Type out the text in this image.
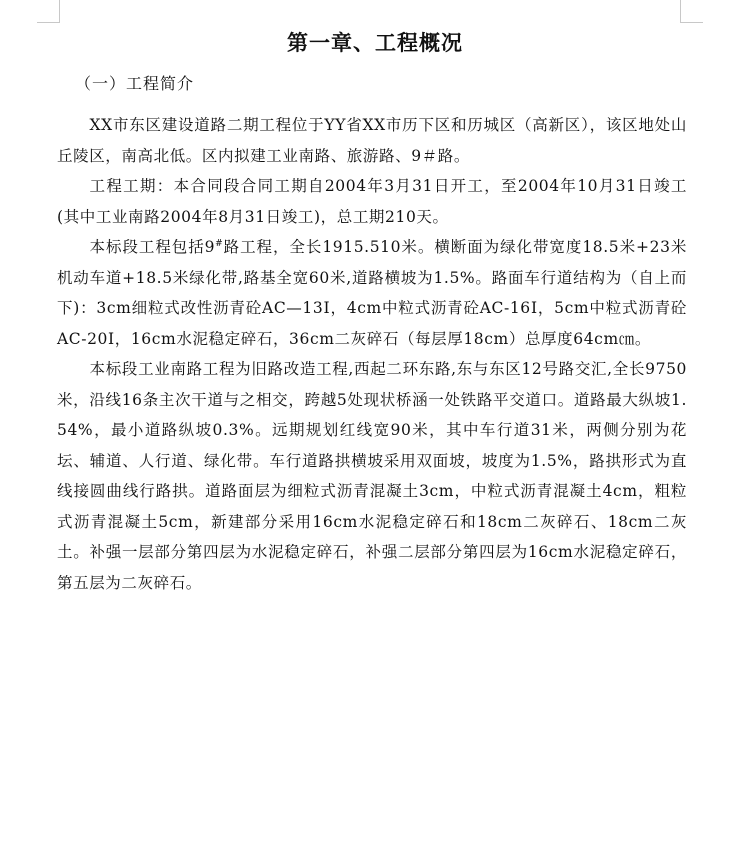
第一章、工程概况
（一）工程简介

XX市东区建设道路二期工程位于YY省XX市历下区和历城区（高新区），该区地处山丘陵区，南高北低。区内拟建工业南路、旅游路、9＃路。

工程工期：本合同段合同工期自2004年3月31日开工，至2004年10月31日竣工(其中工业南路2004年8月31日竣工)，总工期210天。

本标段工程包括9#路工程，全长1915.510米。横断面为绿化带宽度18.5米+23米机动车道+18.5米绿化带,路基全宽60米,道路横坡为1.5%。路面车行道结构为（自上而下)：3cm细粒式改性沥青砼AC—13Ⅰ，4cm中粒式沥青砼AC-16Ⅰ，5cm中粒式沥青砼AC-20Ⅰ，16cm水泥稳定碎石，36cm二灰碎石（每层厚18cm）总厚度64cm㎝。

本标段工业南路工程为旧路改造工程,西起二环东路,东与东区12号路交汇,全长9750米，沿线16条主次干道与之相交，跨越5处现状桥涵一处铁路平交道口。道路最大纵坡1.54%，最小道路纵坡0.3%。远期规划红线宽90米，其中车行道31米，两侧分别为花坛、辅道、人行道、绿化带。车行道路拱横坡采用双面坡，坡度为1.5%，路拱形式为直线接圆曲线行路拱。道路面层为细粒式沥青混凝土3cm，中粒式沥青混凝土4cm，粗粒式沥青混凝土5cm，新建部分采用16cm水泥稳定碎石和18cm二灰碎石、18cm二灰土。补强一层部分第四层为水泥稳定碎石，补强二层部分第四层为16cm水泥稳定碎石，第五层为二灰碎石。
